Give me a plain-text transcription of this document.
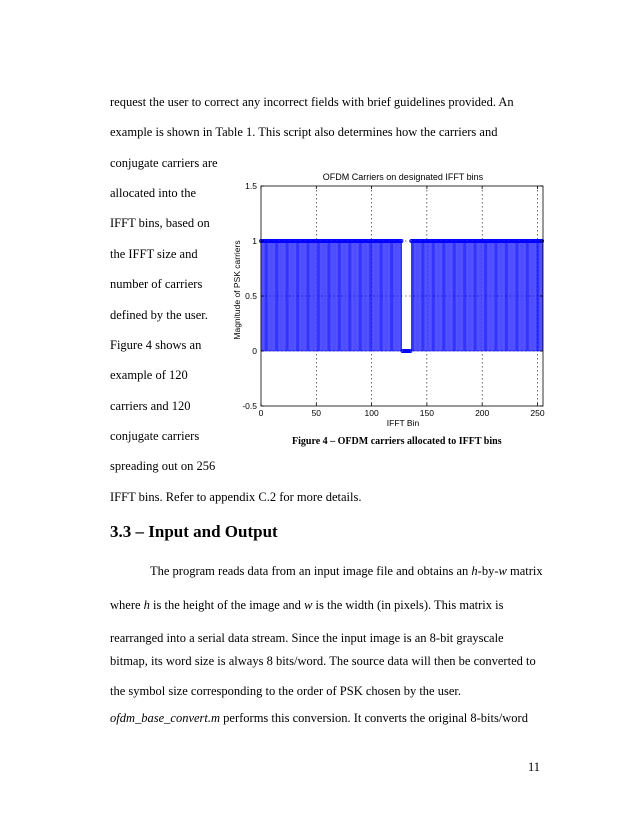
request the user to correct any incorrect fields with brief guidelines provided. An
example is shown in Table 1. This script also determines how the carriers and
conjugate carriers are
allocated into the
IFFT bins, based on
the IFFT size and
number of carriers
defined by the user.
Figure 4 shows an
example of 120
carriers and 120
conjugate carriers
spreading out on 256
IFFT bins. Refer to appendix C.2 for more details.
OFDM Carriers on designated IFFT bins
Magnitude of PSK carriers
IFFT Bin
0	50	100	150	200	250
-0.5
0
0.5
1
1.5
Figure 4 – OFDM carriers allocated to IFFT bins
3.3 – Input and Output
The program reads data from an input image file and obtains an h-by-w matrix
where h is the height of the image and w is the width (in pixels). This matrix is
rearranged into a serial data stream. Since the input image is an 8-bit grayscale
bitmap, its word size is always 8 bits/word. The source data will then be converted to
the symbol size corresponding to the order of PSK chosen by the user.
ofdm_base_convert.m performs this conversion. It converts the original 8-bits/word
11
